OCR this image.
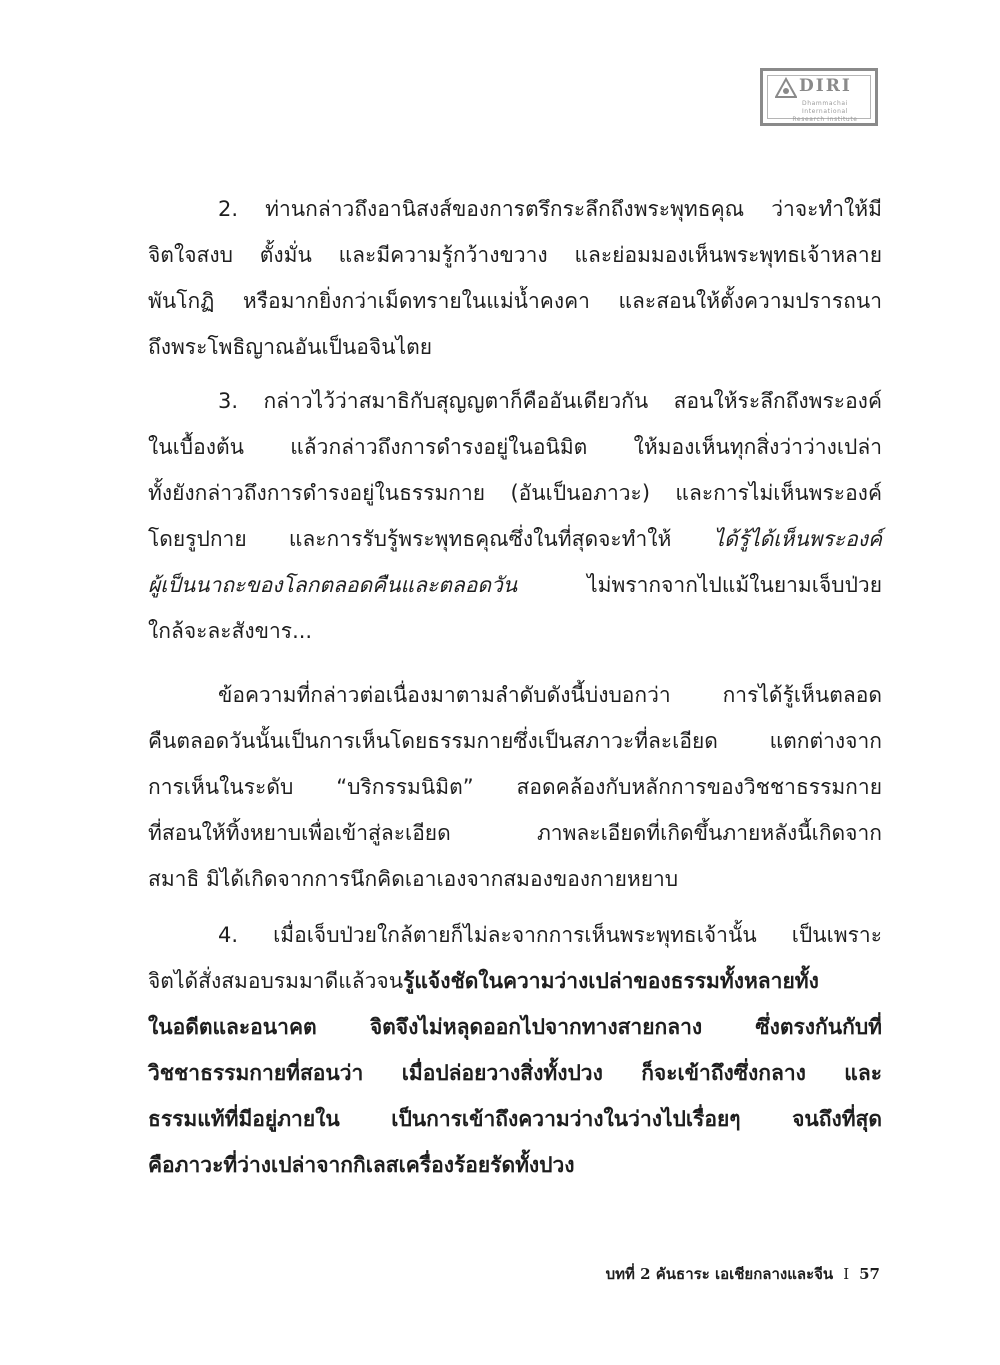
DIRI
Dhammachai International
Research Institute
2. ท่านกล่าวถึงอานิสงส์ของการตรึกระลึกถึงพระพุทธคุณ ว่าจะทำให้มี
จิตใจสงบ ตั้งมั่น และมีความรู้กว้างขวาง และย่อมมองเห็นพระพุทธเจ้าหลาย
พันโกฏิ หรือมากยิ่งกว่าเม็ดทรายในแม่น้ำคงคา และสอนให้ตั้งความปรารถนา
ถึงพระโพธิญาณอันเป็นอจินไตย
3. กล่าวไว้ว่าสมาธิกับสุญญตาก็คืออันเดียวกัน สอนให้ระลึกถึงพระองค์
ในเบื้องต้น แล้วกล่าวถึงการดำรงอยู่ในอนิมิต ให้มองเห็นทุกสิ่งว่าว่างเปล่า
ทั้งยังกล่าวถึงการดำรงอยู่ในธรรมกาย (อันเป็นอภาวะ) และการไม่เห็นพระองค์
โดยรูปกาย และการรับรู้พระพุทธคุณซึ่งในที่สุดจะทำให้ ได้รู้ได้เห็นพระองค์
ผู้เป็นนาถะของโลกตลอดคืนและตลอดวัน ไม่พรากจากไปแม้ในยามเจ็บป่วย
ใกล้จะละสังขาร...
ข้อความที่กล่าวต่อเนื่องมาตามลำดับดังนี้บ่งบอกว่า การได้รู้เห็นตลอด
คืนตลอดวันนั้นเป็นการเห็นโดยธรรมกายซึ่งเป็นสภาวะที่ละเอียด แตกต่างจาก
การเห็นในระดับ “บริกรรมนิมิต” สอดคล้องกับหลักการของวิชชาธรรมกาย
ที่สอนให้ทิ้งหยาบเพื่อเข้าสู่ละเอียด ภาพละเอียดที่เกิดขึ้นภายหลังนี้เกิดจาก
สมาธิ มิได้เกิดจากการนึกคิดเอาเองจากสมองของกายหยาบ
4. เมื่อเจ็บป่วยใกล้ตายก็ไม่ละจากการเห็นพระพุทธเจ้านั้น เป็นเพราะ
จิตได้สั่งสมอบรมมาดีแล้วจนรู้แจ้งชัดในความว่างเปล่าของธรรมทั้งหลายทั้ง
ในอดีตและอนาคต จิตจึงไม่หลุดออกไปจากทางสายกลาง ซึ่งตรงกันกับที่
วิชชาธรรมกายที่สอนว่า เมื่อปล่อยวางสิ่งทั้งปวง ก็จะเข้าถึงซึ่งกลาง และ
ธรรมแท้ที่มีอยู่ภายใน เป็นการเข้าถึงความว่างในว่างไปเรื่อยๆ จนถึงที่สุด
คือภาวะที่ว่างเปล่าจากกิเลสเครื่องร้อยรัดทั้งปวง
บทที่ 2 คันธาระ เอเชียกลางและจีน I 57
